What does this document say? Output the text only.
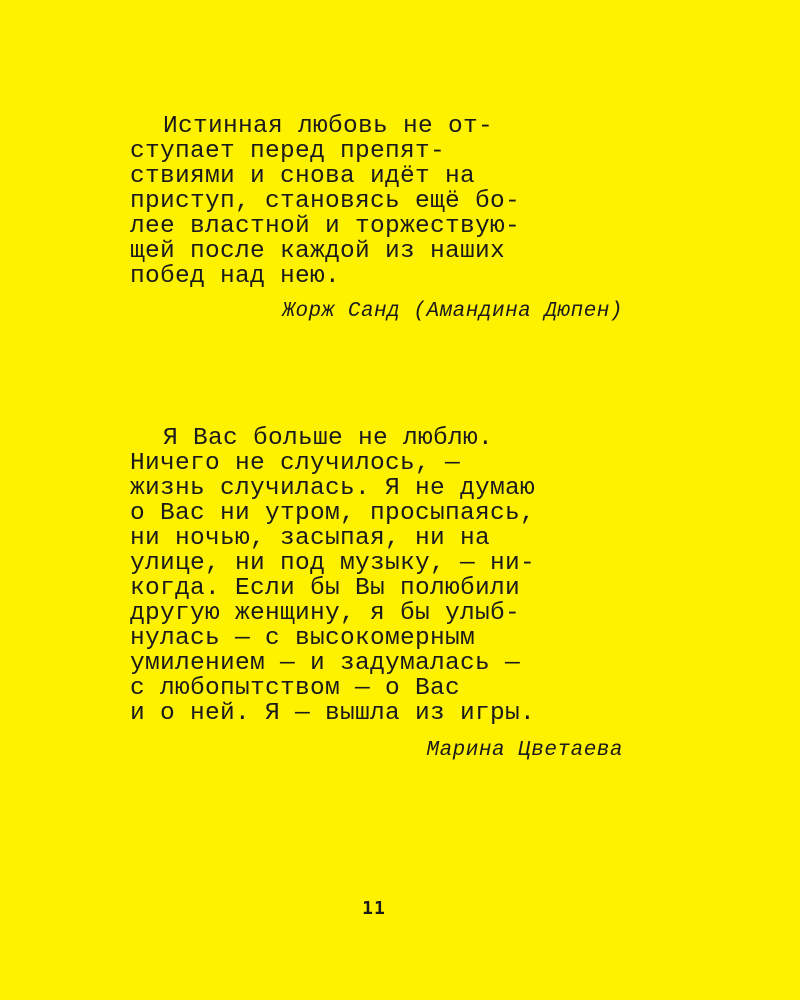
Истинная любовь не от-
ступает перед препят-
ствиями и снова идёт на
приступ, становясь ещё бо-
лее властной и торжествую-
щей после каждой из наших
побед над нею.
Жорж Санд (Амандина Дюпен)
Я Вас больше не люблю.
Ничего не случилось, —
жизнь случилась. Я не думаю
о Вас ни утром, просыпаясь,
ни ночью, засыпая, ни на
улице, ни под музыку, — ни-
когда. Если бы Вы полюбили
другую женщину, я бы улыб-
нулась — с высокомерным
умилением — и задумалась —
с любопытством — о Вас
и о ней. Я — вышла из игры.
Марина Цветаева
11
